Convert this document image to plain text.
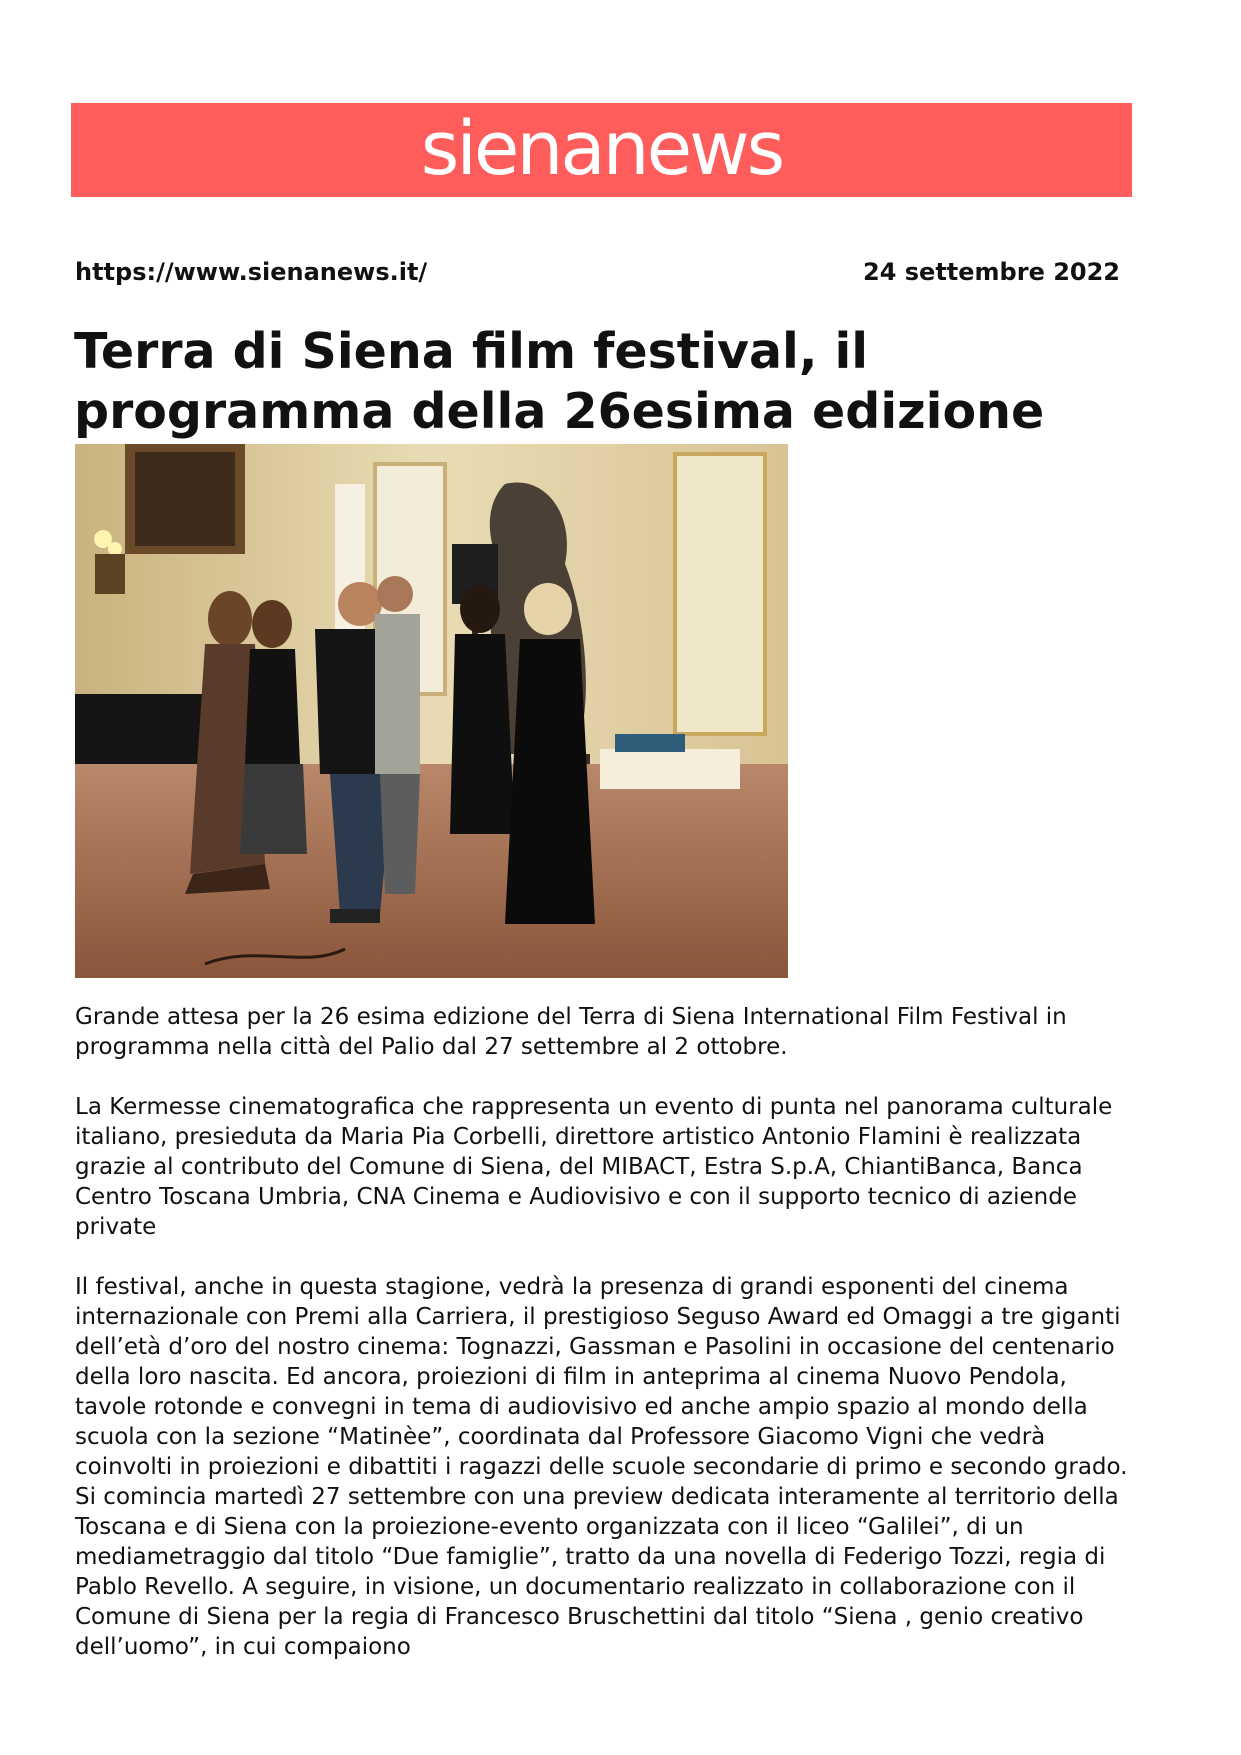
sienanews
https://www.sienanews.it/	24 settembre 2022
Terra di Siena film festival, il programma della 26esima edizione

Grande attesa per la 26 esima edizione del Terra di Siena International Film Festival in programma nella città del Palio dal 27 settembre al 2 ottobre.

La Kermesse cinematografica che rappresenta un evento di punta nel panorama culturale italiano, presieduta da Maria Pia Corbelli, direttore artistico Antonio Flamini è realizzata grazie al contributo del Comune di Siena, del MIBACT, Estra S.p.A, ChiantiBanca, Banca Centro Toscana Umbria, CNA Cinema e Audiovisivo e con il supporto tecnico di aziende private

Il festival, anche in questa stagione, vedrà la presenza di grandi esponenti del cinema internazionale con Premi alla Carriera, il prestigioso Seguso Award ed Omaggi a tre giganti dell’età d’oro del nostro cinema: Tognazzi, Gassman e Pasolini in occasione del centenario della loro nascita. Ed ancora, proiezioni di film in anteprima al cinema Nuovo Pendola, tavole rotonde e convegni in tema di audiovisivo ed anche ampio spazio al mondo della scuola con la sezione “Matinèe”, coordinata dal Professore Giacomo Vigni che vedrà coinvolti in proiezioni e dibattiti i ragazzi delle scuole secondarie di primo e secondo grado.

Si comincia martedì 27 settembre con una preview dedicata interamente al territorio della Toscana e di Siena con la proiezione-evento organizzata con il liceo “Galilei”, di un mediametraggio dal titolo “Due famiglie”, tratto da una novella di Federigo Tozzi, regia di Pablo Revello. A seguire, in visione, un documentario realizzato in collaborazione con il Comune di Siena per la regia di Francesco Bruschettini dal titolo “Siena , genio creativo dell’uomo”, in cui compaiono
